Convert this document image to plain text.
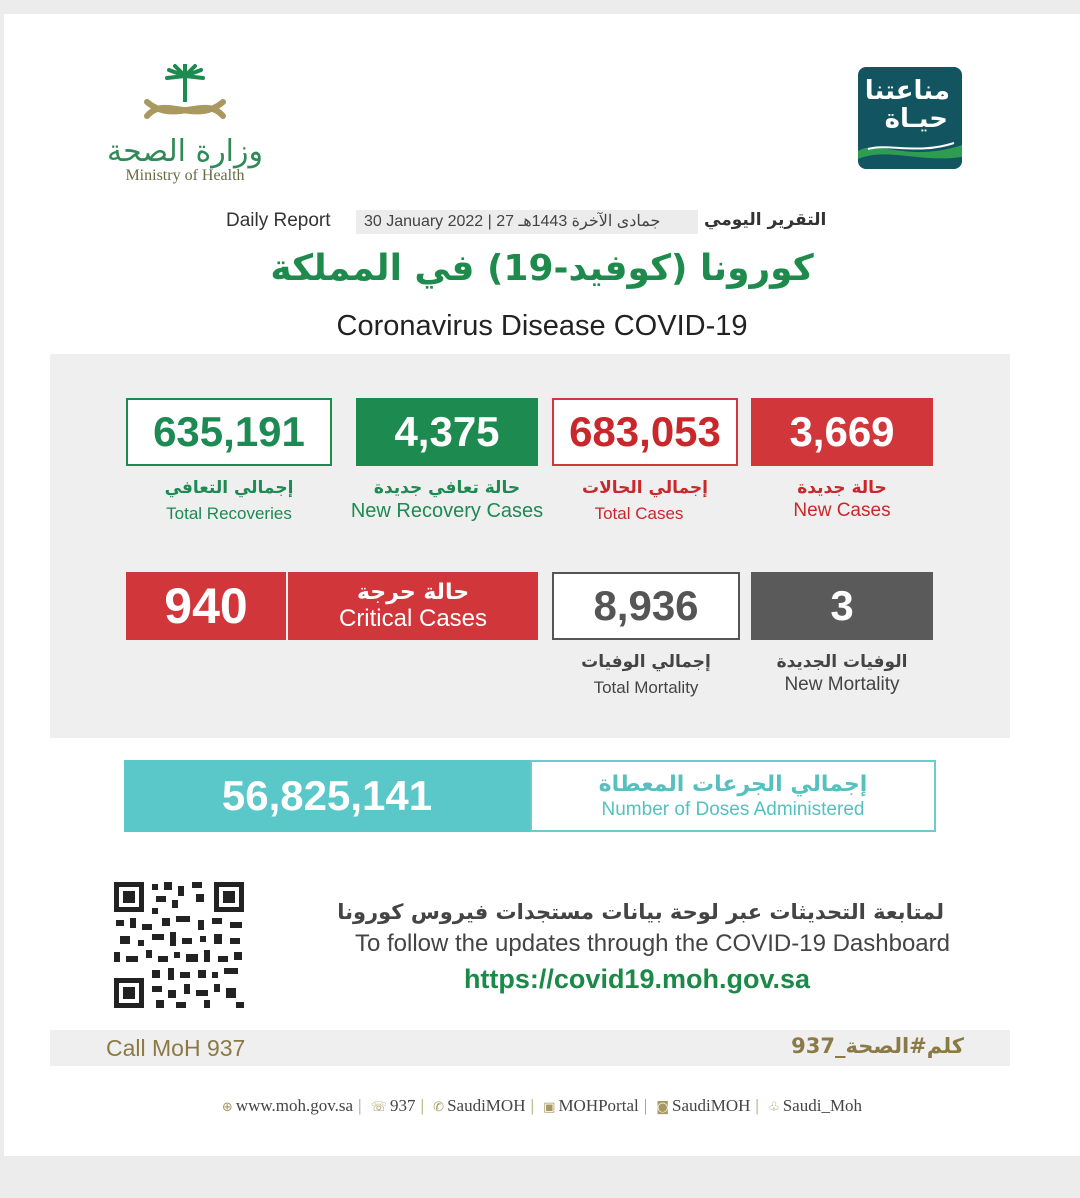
وزارة الصحة
Ministry of Health
مناعتنا
حيـاة
Daily Report	30 January 2022 | 27 جمادى الآخرة 1443هـ	التقرير اليومي
كورونا (كوفيد-19) في المملكة
Coronavirus Disease COVID-19
635,191
إجمالي التعافي
Total Recoveries
4,375
حالة تعافي جديدة
New Recovery Cases
683,053
إجمالي الحالات
Total Cases
3,669
حالة جديدة
New Cases
940	حالة حرجة
Critical Cases	8,936
إجمالي الوفيات
Total Mortality
3
الوفيات الجديدة
New Mortality
56,825,141	إجمالي الجرعات المعطاة
Number of Doses Administered
لمتابعة التحديثات عبر لوحة بيانات مستجدات فيروس كورونا
To follow the updates through the COVID-19 Dashboard
https://covid19.moh.gov.sa
Call MoH 937	كلم#الصحة_937
⊕ www.moh.gov.sa | ☏ 937 | ✆ SaudiMOH | ▣ MOHPortal | ◙ SaudiMOH | ♧ Saudi_Moh
